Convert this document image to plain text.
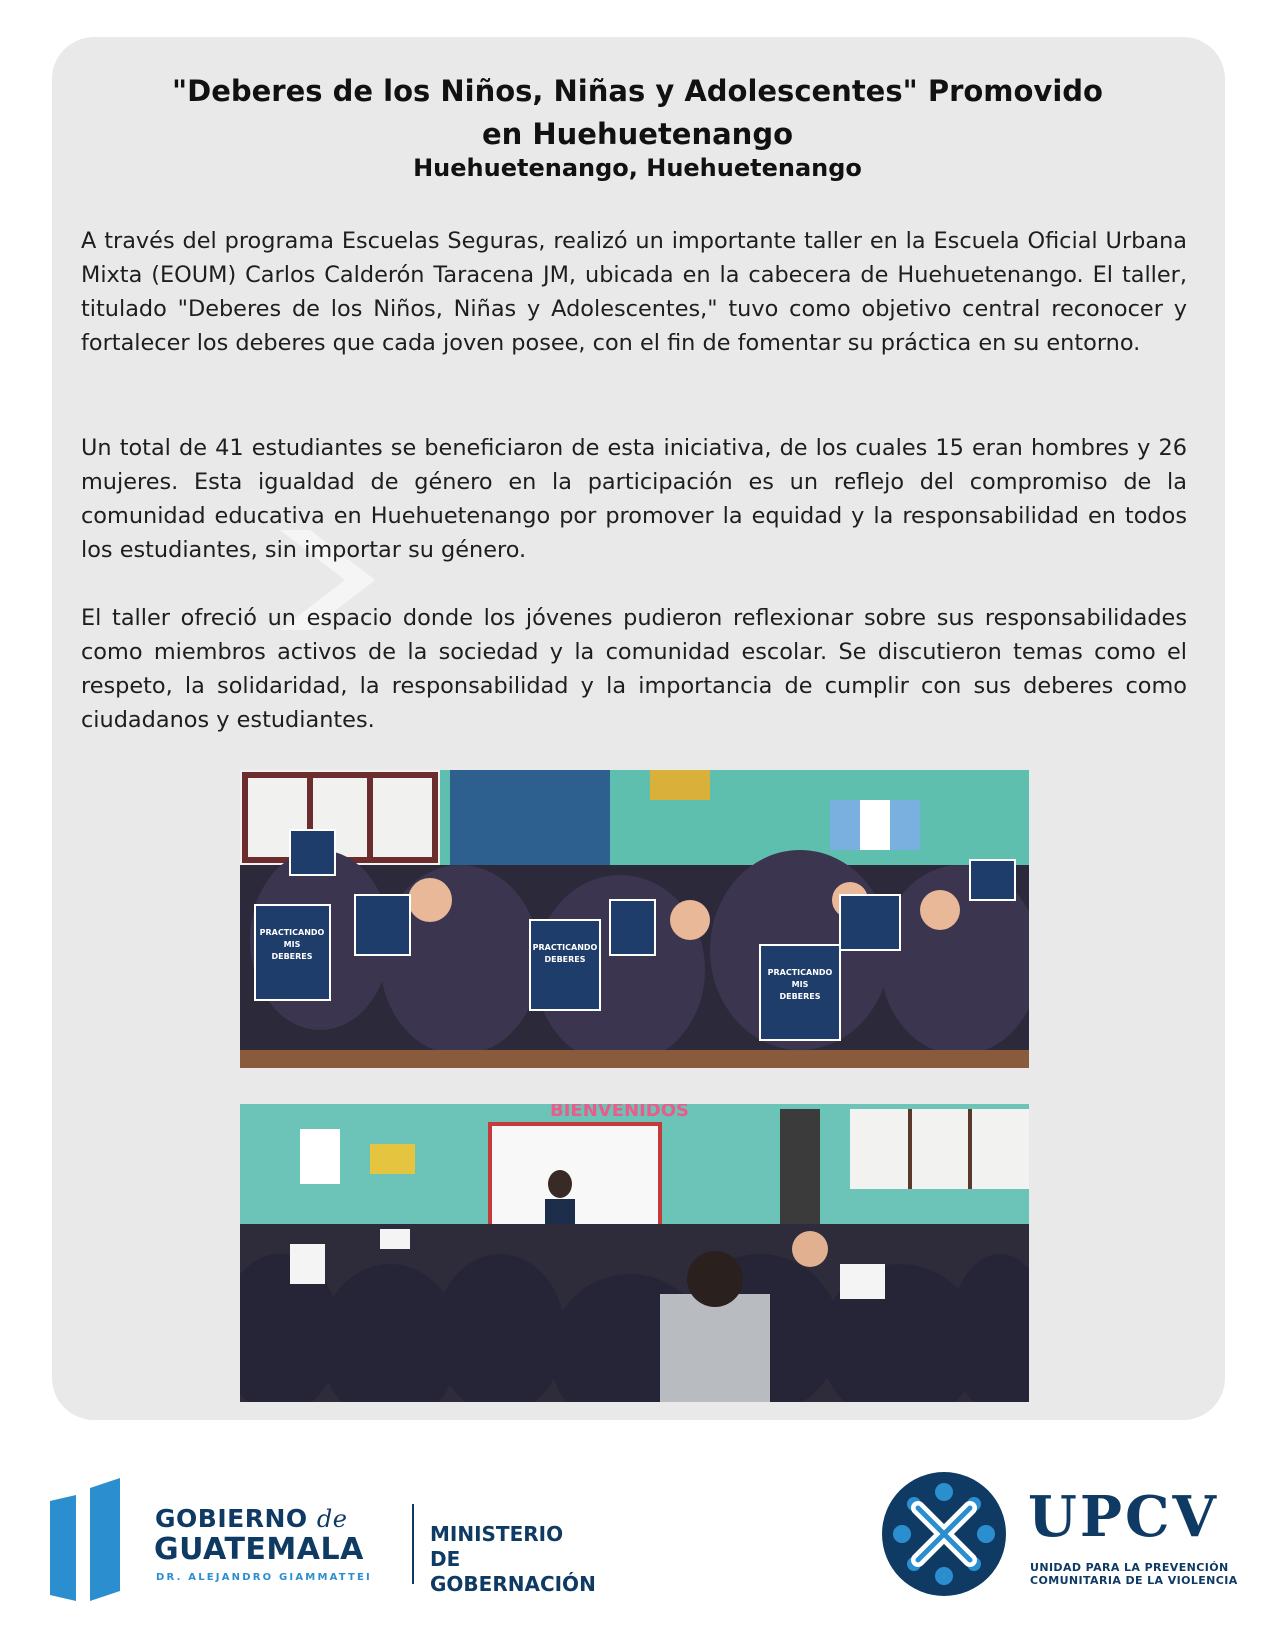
"Deberes de los Niños, Niñas y Adolescentes" Promovido
en Huehuetenango
Huehuetenango, Huehuetenango

A través del programa Escuelas Seguras, realizó un importante taller en la Escuela Oficial Urbana Mixta (EOUM) Carlos Calderón Taracena JM, ubicada en la cabecera de Huehuetenango. El taller, titulado "Deberes de los Niños, Niñas y Adolescentes," tuvo como objetivo central reconocer y fortalecer los deberes que cada joven posee, con el fin de fomentar su práctica en su entorno.

Un total de 41 estudiantes se beneficiaron de esta iniciativa, de los cuales 15 eran hombres y 26 mujeres. Esta igualdad de género en la participación es un reflejo del compromiso de la comunidad educativa en Huehuetenango por promover la equidad y la responsabilidad en todos los estudiantes, sin importar su género.

El taller ofreció un espacio donde los jóvenes pudieron reflexionar sobre sus responsabilidades como miembros activos de la sociedad y la comunidad escolar. Se discutieron temas como el respeto, la solidaridad, la responsabilidad y la importancia de cumplir con sus deberes como ciudadanos y estudiantes.

PRACTICANDO
MIS
DEBERES
PRACTICANDO
DEBERES
PRACTICANDO
MIS
DEBERES
BIENVENIDOS
GOBIERNO de
GUATEMALA
DR. ALEJANDRO GIAMMATTEI
MINISTERIO DE
GOBERNACIÓN
UPCV
UNIDAD PARA LA PREVENCIÓN
COMUNITARIA DE LA VIOLENCIA
